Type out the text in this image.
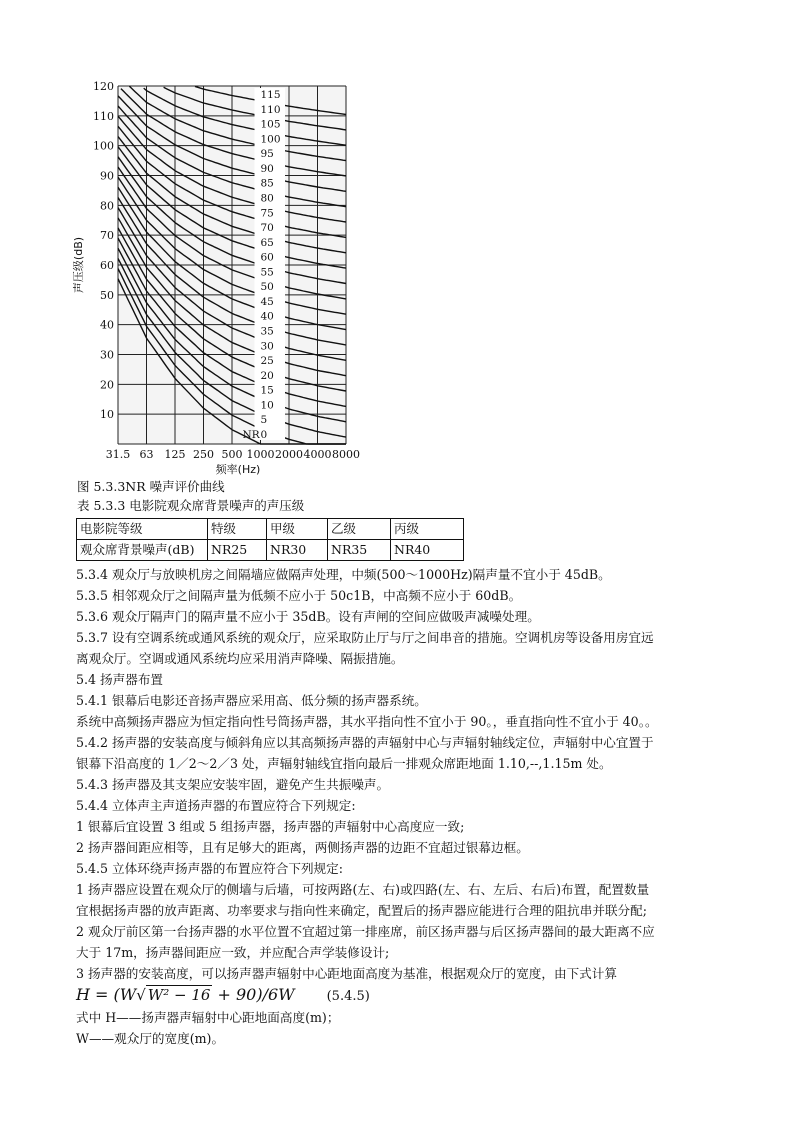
115
110
105
100
95
90
85
80
75
70
65
60
55
50
45
40
35
30
25
20
15
10
5
0
NR
10
20
30
40
50
60
70
80
90
100
110
120
31.5 63 125 250 500 1000 2000 4000 8000
频率(Hz)
声压级(dB)
图 5.3.3NR 噪声评价曲线
表 5.3.3 电影院观众席背景噪声的声压级
电影院等级	特级	甲级	乙级	丙级
观众席背景噪声(dB)	NR25	NR30	NR35	NR40
5.3.4 观众厅与放映机房之间隔墙应做隔声处理，中频(500～1000Hz)隔声量不宜小于 45dB。
5.3.5 相邻观众厅之间隔声量为低频不应小于 50c1B，中高频不应小于 60dB。
5.3.6 观众厅隔声门的隔声量不应小于 35dB。设有声闸的空间应做吸声减噪处理。
5.3.7 设有空调系统或通风系统的观众厅，应采取防止厅与厅之间串音的措施。空调机房等设备用房宜远
离观众厅。空调或通风系统均应采用消声降噪、隔振措施。
5.4 扬声器布置
5.4.1 银幕后电影还音扬声器应采用高、低分频的扬声器系统。
系统中高频扬声器应为恒定指向性号筒扬声器，其水平指向性不宜小于 90。，垂直指向性不宜小于 40。。
5.4.2 扬声器的安装高度与倾斜角应以其高频扬声器的声辐射中心与声辐射轴线定位，声辐射中心宜置于
银幕下沿高度的 1／2～2／3 处，声辐射轴线宜指向最后一排观众席距地面 1.10,--,1.15m 处。
5.4.3 扬声器及其支架应安装牢固，避免产生共振噪声。
5.4.4 立体声主声道扬声器的布置应符合下列规定:
1 银幕后宜设置 3 组或 5 组扬声器，扬声器的声辐射中心高度应一致;
2 扬声器间距应相等，且有足够大的距离，两侧扬声器的边距不宜超过银幕边框。
5.4.5 立体环绕声扬声器的布置应符合下列规定:
1 扬声器应设置在观众厅的侧墙与后墙，可按两路(左、右)或四路(左、右、左后、右后)布置，配置数量
宜根据扬声器的放声距离、功率要求与指向性来确定，配置后的扬声器应能进行合理的阻抗串并联分配;
2 观众厅前区第一台扬声器的水平位置不宜超过第一排座席，前区扬声器与后区扬声器间的最大距离不应
大于 17m，扬声器间距应一致，并应配合声学装修设计;
3 扬声器的安装高度，可以扬声器声辐射中心距地面高度为基准，根据观众厅的宽度，由下式计算
H = (W√ W² − 16 + 90)/6W (5.4.5)
式中 H——扬声器声辐射中心距地面高度(m)；
W——观众厅的宽度(m)。
